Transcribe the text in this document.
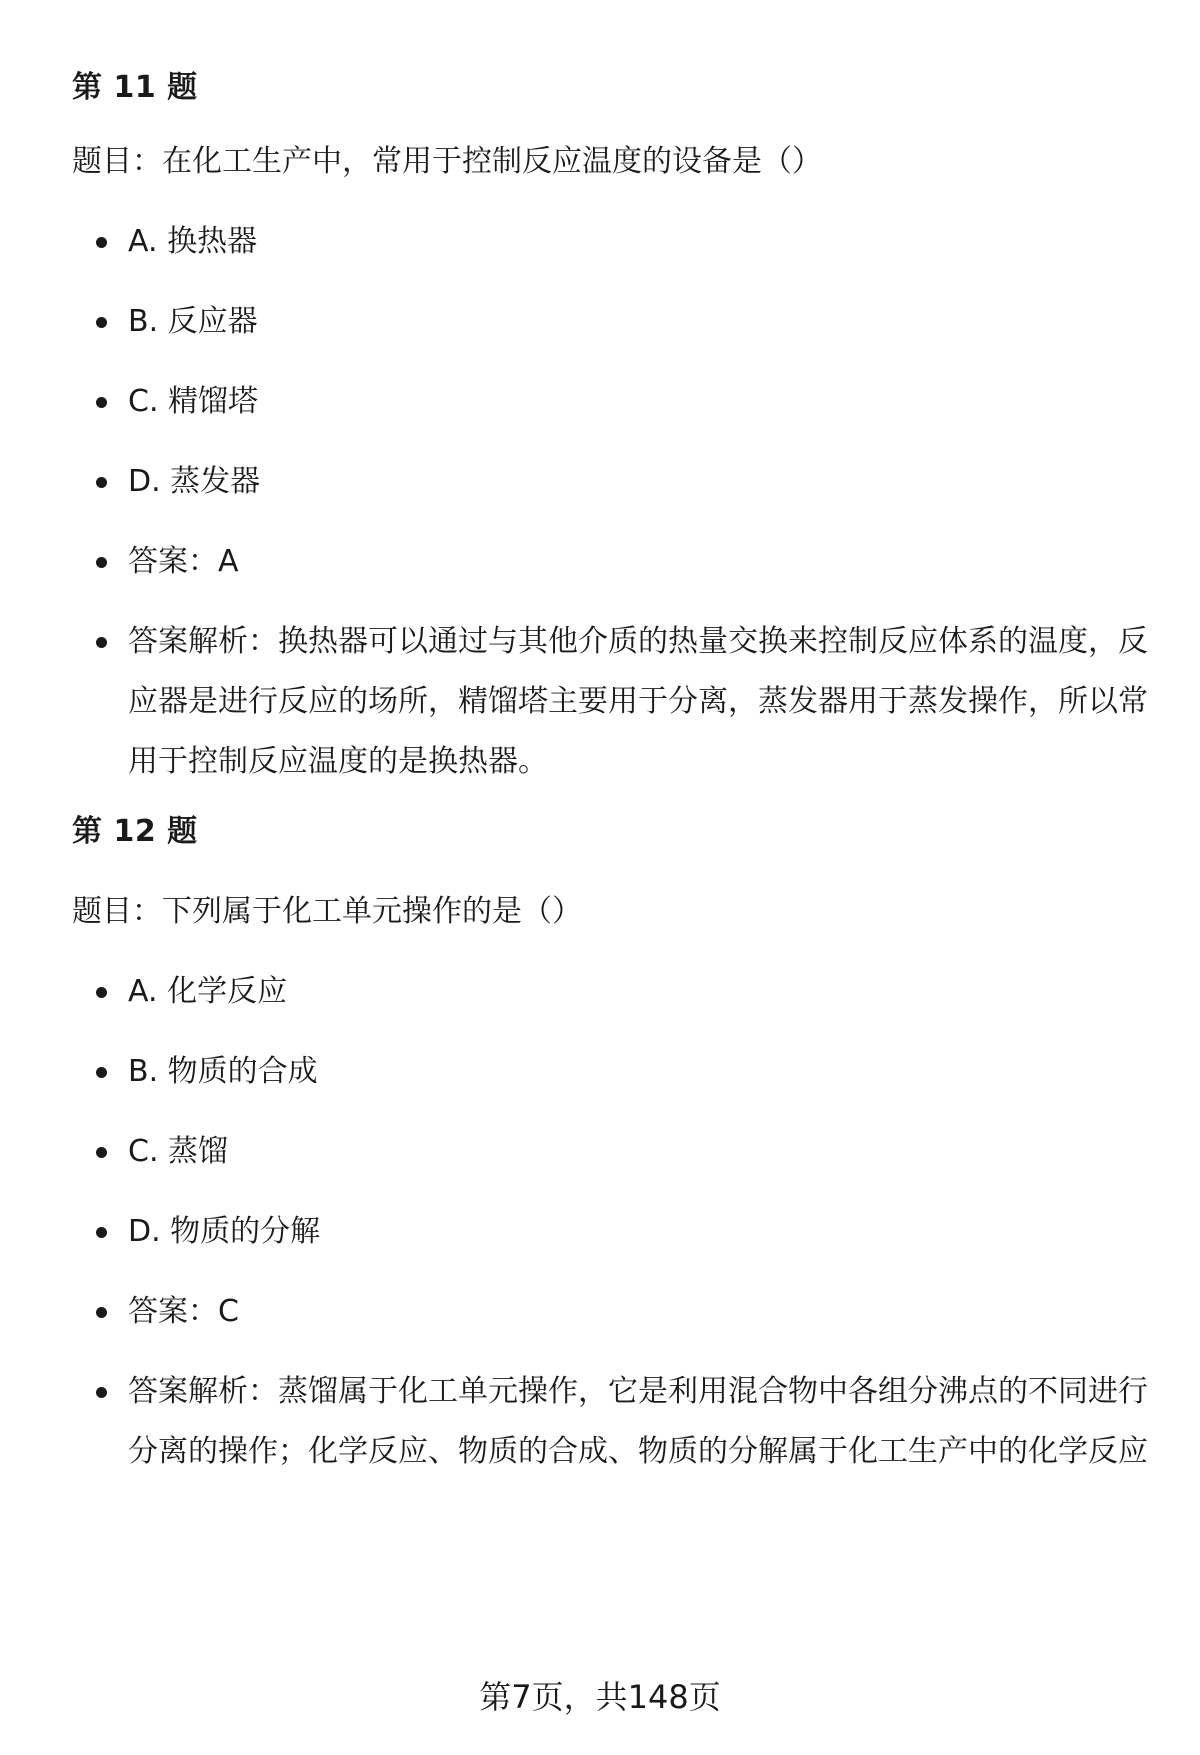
第 11 题
题目：在化工生产中，常用于控制反应温度的设备是（）
A. 换热器
B. 反应器
C. 精馏塔
D. 蒸发器
答案：A
答案解析：换热器可以通过与其他介质的热量交换来控制反应体系的温度，反
应器是进行反应的场所，精馏塔主要用于分离，蒸发器用于蒸发操作，所以常
用于控制反应温度的是换热器。
第 12 题
题目：下列属于化工单元操作的是（）
A. 化学反应
B. 物质的合成
C. 蒸馏
D. 物质的分解
答案：C
答案解析：蒸馏属于化工单元操作，它是利用混合物中各组分沸点的不同进行
分离的操作；化学反应、物质的合成、物质的分解属于化工生产中的化学反应
第7页，共148页
